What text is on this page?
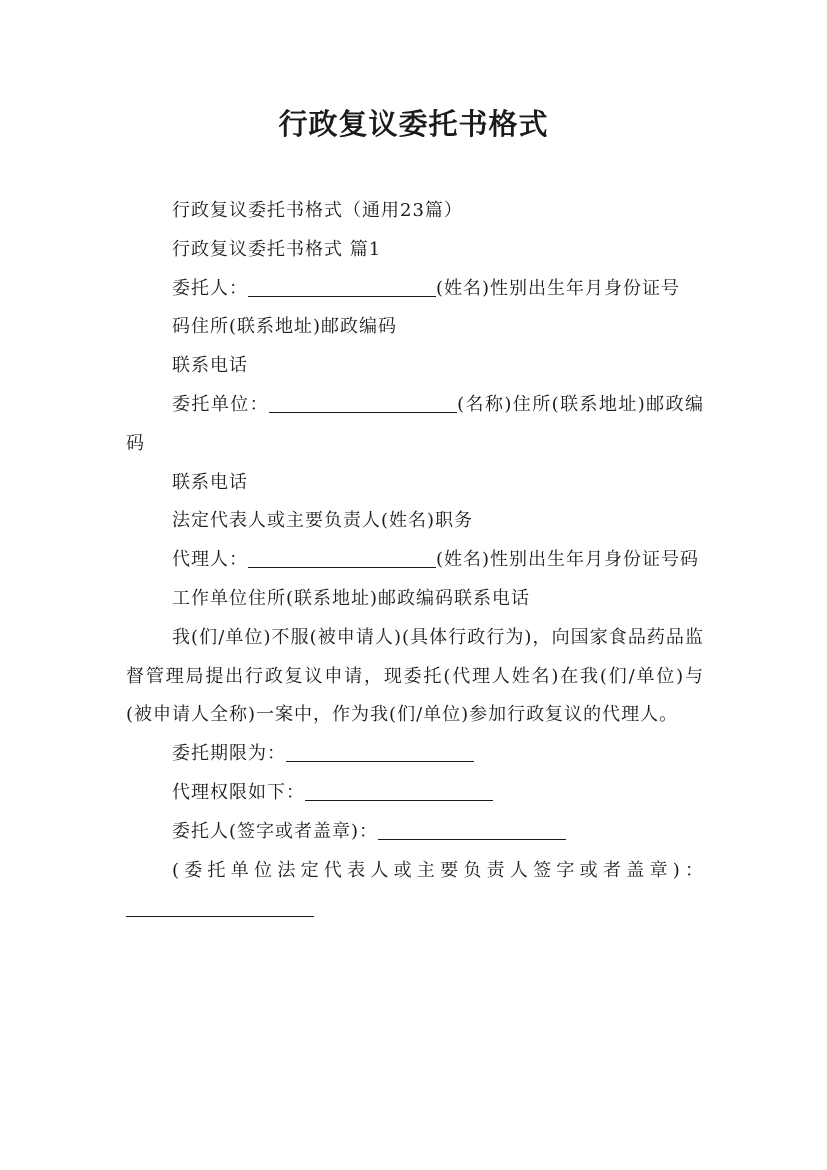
行政复议委托书格式

行政复议委托书格式（通用23篇）

行政复议委托书格式 篇1

委托人：	(姓名)性别出生年月身份证号

码住所(联系地址)邮政编码

联系电话

委托单位：	(名称)住所(联系地址)邮政编码

联系电话

法定代表人或主要负责人(姓名)职务

代理人：	(姓名)性别出生年月身份证号码

工作单位住所(联系地址)邮政编码联系电话

我(们/单位)不服(被申请人)(具体行政行为)，向国家食品药品监督管理局提出行政复议申请，现委托(代理人姓名)在我(们/单位)与(被申请人全称)一案中，作为我(们/单位)参加行政复议的代理人。

委托期限为：

代理权限如下：

委托人(签字或者盖章)：

(委托单位法定代表人或主要负责人签字或者盖章)：
